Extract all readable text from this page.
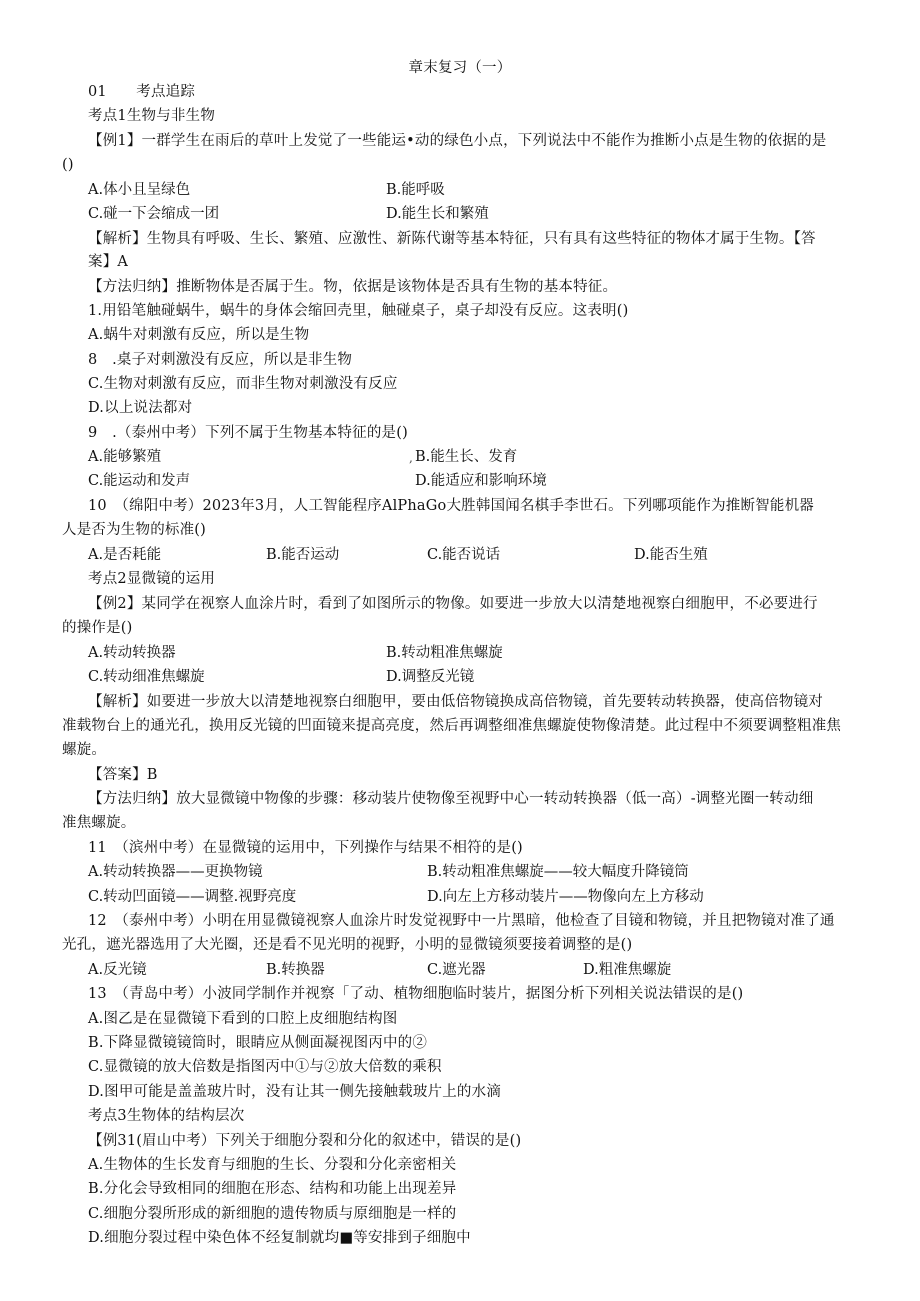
章末复习（一）
01　　考点追踪
考点1生物与非生物
【例1】一群学生在雨后的草叶上发觉了一些能运•动的绿色小点，下列说法中不能作为推断小点是生物的依据的是
()
A.体小且呈绿色	B.能呼吸
C.碰一下会缩成一团	D.能生长和繁殖
【解析】生物具有呼吸、生长、繁殖、应激性、新陈代谢等基本特征，只有具有这些特征的物体才属于生物。【答
案】A
【方法归纳】推断物体是否属于生。物，依据是该物体是否具有生物的基本特征。
1.用铅笔触碰蜗牛，蜗牛的身体会缩回壳里，触碰桌子，桌子却没有反应。这表明()
A.蜗牛对刺激有反应，所以是生物
8　.桌子对刺激没有反应，所以是非生物
C.生物对刺激有反应，而非生物对刺激没有反应
D.以上说法都对
9　.（泰州中考）下列不属于生物基本特征的是()
A.能够繁殖	, B.能生长、发育
C.能运动和发声	D.能适应和影响环境
10　（绵阳中考）2023年3月，人工智能程序AlPhaGo大胜韩国闻名棋手李世石。下列哪项能作为推断智能机器
人是否为生物的标准()
A.是否耗能	B.能否运动	C.能否说话	D.能否生殖
考点2显微镜的运用
【例2】某同学在视察人血涂片时，看到了如图所示的物像。如要进一步放大以清楚地视察白细胞甲，不必要进行
的操作是()
A.转动转换器	B.转动粗准焦螺旋
C.转动细准焦螺旋	D.调整反光镜
【解析】如要进一步放大以清楚地视察白细胞甲，要由低倍物镜换成高倍物镜，首先要转动转换器，使高倍物镜对
准载物台上的通光孔，换用反光镜的凹面镜来提高亮度，然后再调整细准焦螺旋使物像清楚。此过程中不须要调整粗准焦
螺旋。
【答案】B
【方法归纳】放大显微镜中物像的步骤：移动装片使物像至视野中心一转动转换器（低一高）-调整光圈一转动细
准焦螺旋。
11　（滨州中考）在显微镜的运用中，下列操作与结果不相符的是()
A.转动转换器——更换物镜	B.转动粗准焦螺旋——较大幅度升降镜筒
C.转动凹面镜——调整.视野亮度	D.向左上方移动装片——物像向左上方移动
12　（泰州中考）小明在用显微镜视察人血涂片时发觉视野中一片黑暗，他检查了目镜和物镜，并且把物镜对准了通
光孔，遮光器选用了大光圈，还是看不见光明的视野，小明的显微镜须要接着调整的是()
A.反光镜	B.转换器	C.遮光器	D.粗准焦螺旋
13　（青岛中考）小波同学制作并视察「了动、植物细胞临时装片，据图分析下列相关说法错误的是()
A.图乙是在显微镜下看到的口腔上皮细胞结构图
B.下降显微镜镜筒时，眼睛应从侧面凝视图丙中的②
C.显微镜的放大倍数是指图丙中①与②放大倍数的乘积
D.图甲可能是盖盖玻片时，没有让其一侧先接触载玻片上的水滴
考点3生物体的结构层次
【例31(眉山中考）下列关于细胞分裂和分化的叙述中，错误的是()
A.生物体的生长发育与细胞的生长、分裂和分化亲密相关
B.分化会导致相同的细胞在形态、结构和功能上出现差异
C.细胞分裂所形成的新细胞的遗传物质与原细胞是一样的
D.细胞分裂过程中染色体不经复制就均■等安排到子细胞中
